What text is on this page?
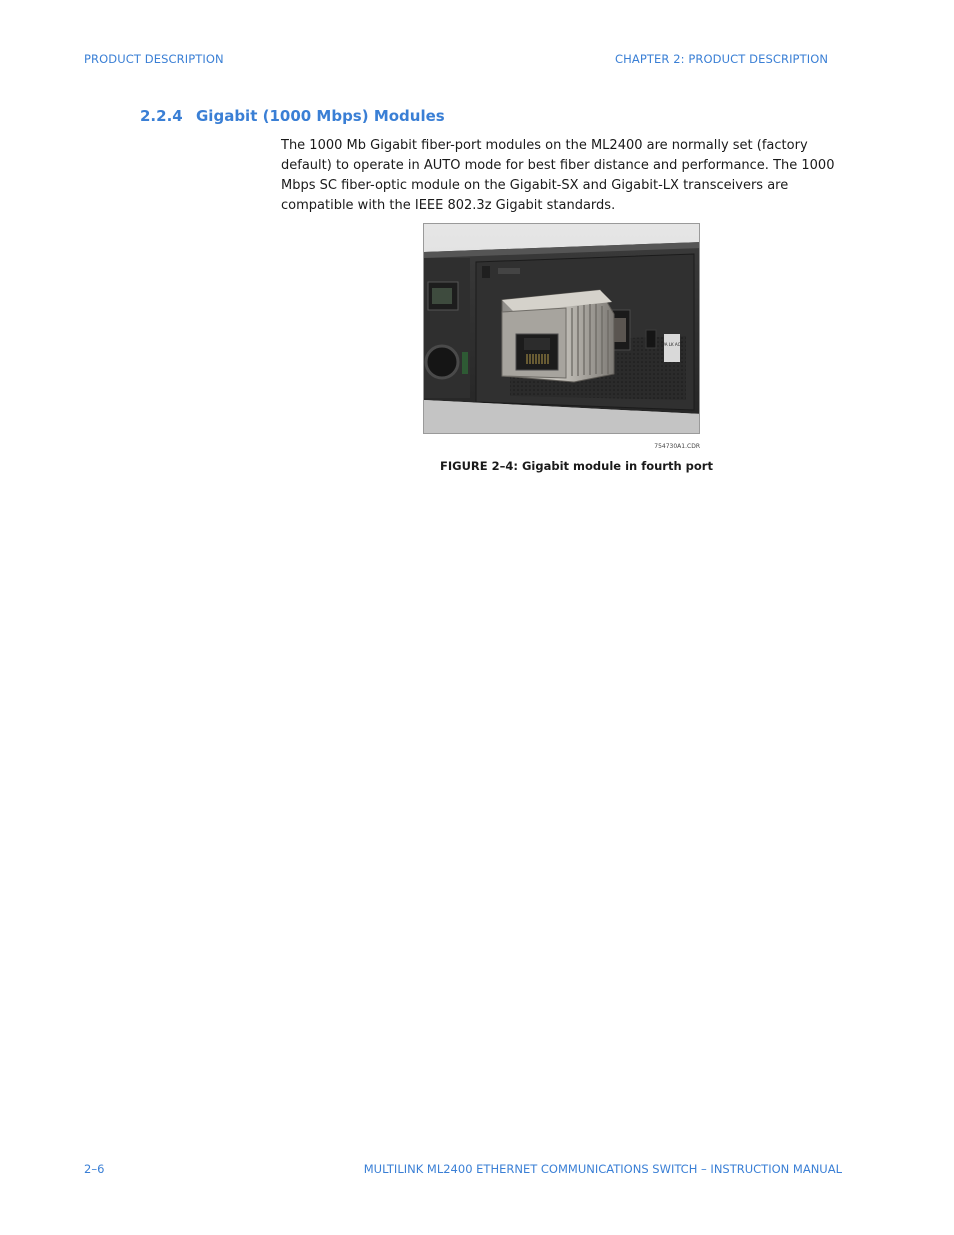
PRODUCT DESCRIPTION	CHAPTER 2: PRODUCT DESCRIPTION
2.2.4 Gigabit (1000 Mbps) Modules

The 1000 Mb Gigabit fiber-port modules on the ML2400 are normally set (factory default) to operate in AUTO mode for best fiber distance and performance. The 1000 Mbps SC fiber-optic module on the Gigabit-SX and Gigabit-LX transceivers are compatible with the IEEE 802.3z Gigabit standards.

F/A LK ACT
754730A1.CDR
FIGURE 2–4: Gigabit module in fourth port
2–6	MULTILINK ML2400 ETHERNET COMMUNICATIONS SWITCH – INSTRUCTION MANUAL
